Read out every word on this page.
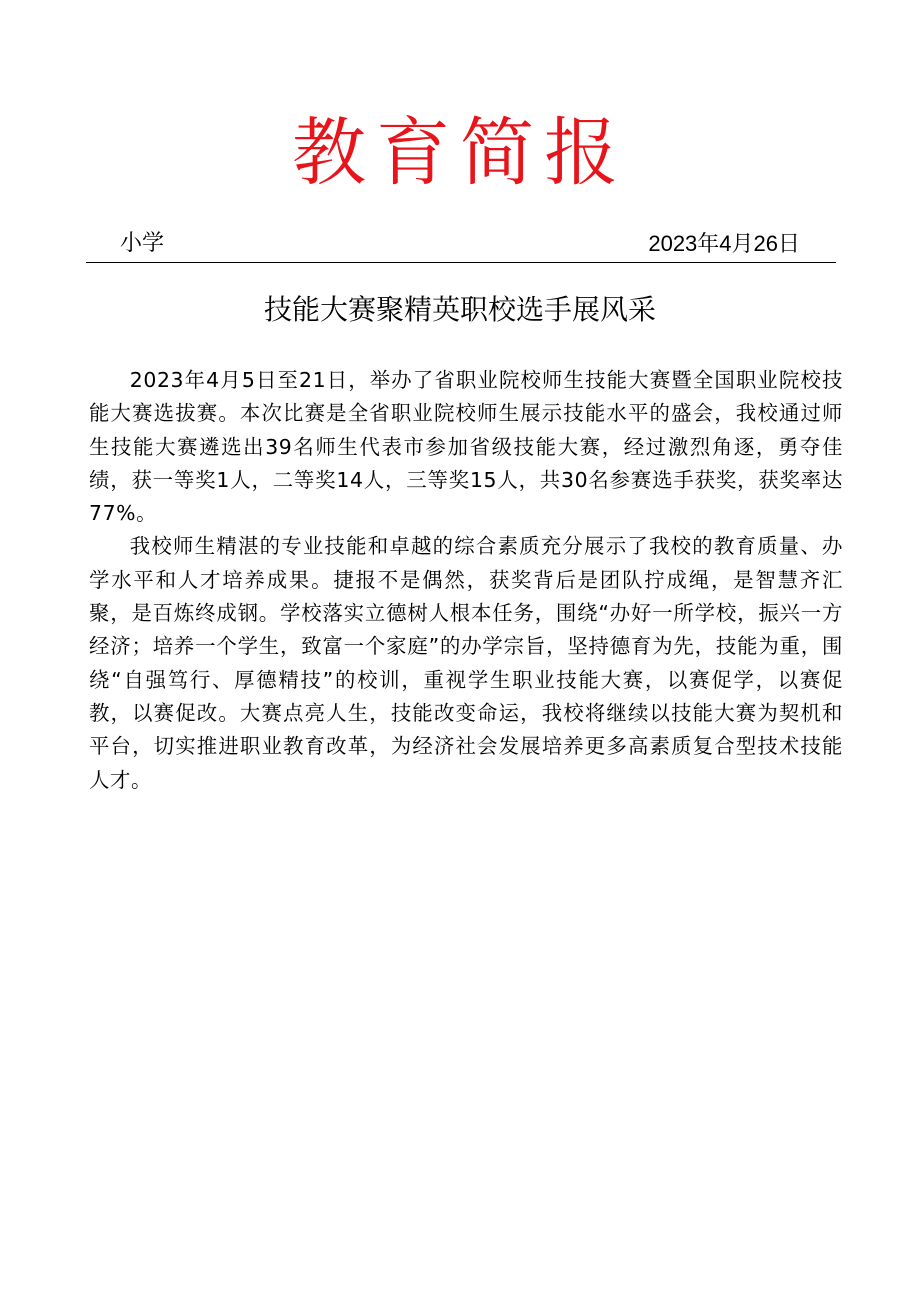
教育简报
小学	2023年4月26日
技能大赛聚精英职校选手展风采

2023年4月5日至21日，举办了省职业院校师生技能大赛暨全国职业院校技能大赛选拔赛。本次比赛是全省职业院校师生展示技能水平的盛会，我校通过师生技能大赛遴选出39名师生代表市参加省级技能大赛，经过激烈角逐，勇夺佳绩，获一等奖1人，二等奖14人，三等奖15人，共30名参赛选手获奖，获奖率达77%。

我校师生精湛的专业技能和卓越的综合素质充分展示了我校的教育质量、办学水平和人才培养成果。捷报不是偶然，获奖背后是团队拧成绳，是智慧齐汇聚，是百炼终成钢。学校落实立德树人根本任务，围绕“办好一所学校，振兴一方经济；培养一个学生，致富一个家庭”的办学宗旨，坚持德育为先，技能为重，围绕“自强笃行、厚德精技”的校训，重视学生职业技能大赛，以赛促学，以赛促教，以赛促改。大赛点亮人生，技能改变命运，我校将继续以技能大赛为契机和平台，切实推进职业教育改革，为经济社会发展培养更多高素质复合型技术技能人才。
